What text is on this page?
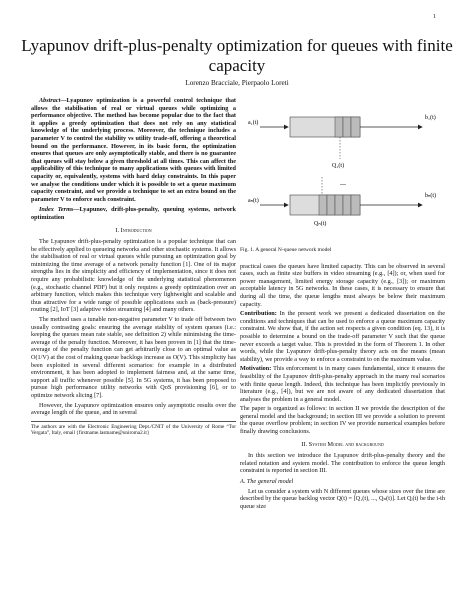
1
Lyapunov drift-plus-penalty optimization for queues with finite capacity
Lorenzo Bracciale, Pierpaolo Loreti

Abstract—Lyapunov optimization is a powerful control technique that allows the stabilisation of real or virtual queues while optimizing a performance objective. The method has become popular due to the fact that it applies a greedy optimization that does not rely on any statistical knowledge of the underlying process. Moreover, the technique includes a parameter V to control the stability vs utility trade-off, offering a theoretical bound on the performance. However, in its basic form, the optimization ensures that queues are only asymptotically stable, and there is no guarantee that queues will stay below a given threshold at all times. This can affect the applicability of this technique to many applications with queues with limited capacity or, equivalently, systems with hard delay constraints. In this paper we analyse the conditions under which it is possible to set a queue maximum capacity constraint, and we provide a technique to set an extra bound on the parameter V to enforce such constraint.

Index Terms—Lyapunov, drift-plus-penalty, queuing systems, network optimization

I. Introduction

The Lyapunov drift-plus-penalty optimization is a popular technique that can be effectively applied to queueing networks and other stochastic systems. It allows the stabilisation of real or virtual queues while pursuing an optimization goal by minimizing the time average of a network penalty function [1]. One of its major strengths lies in the simplicity and efficiency of implementation, since it does not require any probabilistic knowledge of the underlying statistical phenomenon (e.g., stochastic channel PDF) but it only requires a greedy optimization over an arbitrary function, which makes this technique very lightweight and scalable and thus attractive for a wide range of possible applications such as (back-pressure) routing [2], IoT [3] adaptive video streaming [4] and many others.

The method uses a tunable non-negative parameter V to trade off between two usually contrasting goals: ensuring the average stability of system queues (i.e.: keeping the queues mean rate stable, see definition 2) while minimising the time-average of the penalty function. Moreover, it has been proven in [1] that the time-average of the penalty function can get arbitrarily close to an optimal value as O(1/V) at the cost of making queue backlogs increase as O(V). This simplicity has been exploited in several different scenarios: for example in a distributed environment, it has been adopted to implement fairness and, at the same time, support all traffic whenever possible [5]. In 5G systems, it has been proposed to pursue high performance utility networks with QoS provisioning [6], or to optimize network slicing [7].

However, the Lyapunov optimization ensures only asymptotic results over the average length of the queue, and in several

The authors are with the Electronic Engineering Dept./CNIT of the University of Rome “Tor Vergata”, Italy, email {firstname.lastname@uniroma2.it}
a₁(t)
aₙ(t)
b₁(t)
bₙ(t)
Q₁(t)
Qₙ(t)
...
Fig. 1. A general N-queue network model

practical cases the queues have limited capacity. This can be observed in several cases, such as finite size buffers in video streaming (e.g., [4]); or, when used for power management, limited energy storage capacity (e.g., [3]); or maximum acceptable latency in 5G networks. In these cases, it is necessary to ensure that during all the time, the queue lengths must always be below their maximum capacity.

Contribution: In the present work we present a dedicated dissertation on the conditions and techniques that can be used to enforce a queue maximum capacity constraint. We show that, if the action set respects a given condition (eq. 13), it is possible to determine a bound on the trade-off parameter V such that the queue never exceeds a target value. This is provided in the form of Theorem 1. In other words, while the Lyapunov drift-plus-penalty theory acts on the means (mean stability), we provide a way to enforce a constraint to on the maximum value.

Motivation: This enforcement is in many cases fundamental, since it ensures the feasibility of the Lyapunov drift-plus-penalty approach in the many real scenarios with finite queue length. Indeed, this technique has been implicitly previously in literature (e.g., [4]), but we are not aware of any dedicated dissertation that analyses the problem in a general model.

The paper is organized as follows: in section II we provide the description of the general model and the background; in section III we provide a solution to prevent the queue overflow problem; in section IV we provide numerical examples before finally drawing conclusions.

II. System Model and background

In this section we introduce the Lyapunov drift-plus-penalty theory and the related notation and system model. The contribution to enforce the queue length constraint is reported in section III.

A. The general model

Let us consider a system with N different queues whose sizes over the time are described by the queue backlog vector Q(t) = [Q₁(t), ..., Qₙ(t)]. Let Qᵢ(t) be the i-th queue size
